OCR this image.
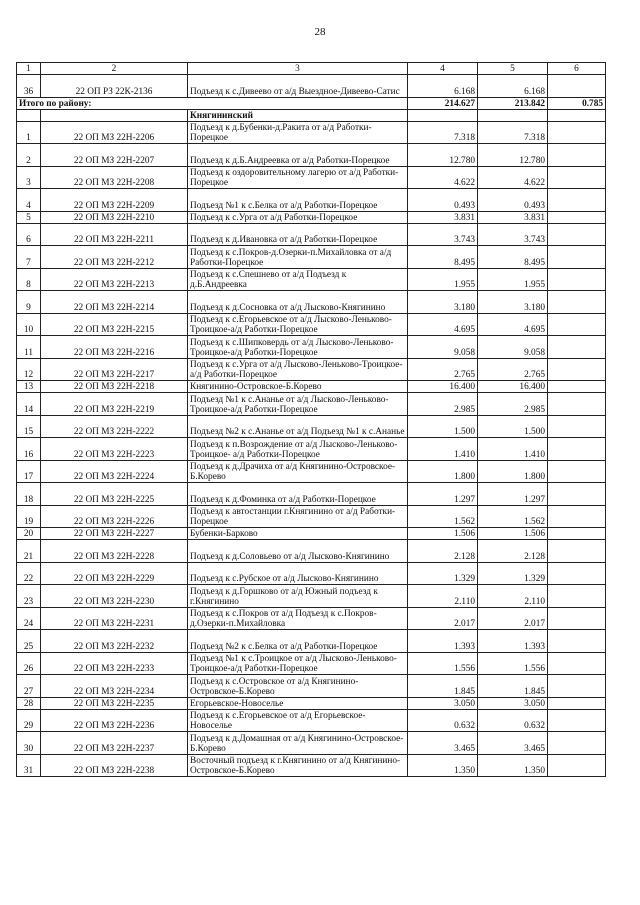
28
1	2	3	4	5	6
36	22 ОП РЗ 22К-2136	Подъезд к с.Дивеево от а/д Выездное-Дивеево-Сатис	6.168	6.168	
Итого по району:			214.627	213.842	0.785
		Княгининский			
1	22 ОП МЗ 22Н-2206	Подъезд к д.Бубенки-д.Ракита от а/д Работки-Порецкое	7.318	7.318	
2	22 ОП МЗ 22Н-2207	Подъезд к д.Б.Андреевка от а/д Работки-Порецкое	12.780	12.780	
3	22 ОП МЗ 22Н-2208	Подъезд к оздоровительному лагерю от а/д Работки-Порецкое	4.622	4.622	
4	22 ОП МЗ 22Н-2209	Подъезд №1 к с.Белка от а/д Работки-Порецкое	0.493	0.493	
5	22 ОП МЗ 22Н-2210	Подъезд к с.Урга от а/д Работки-Порецкое	3.831	3.831	
6	22 ОП МЗ 22Н-2211	Подъезд к д.Ивановка от а/д Работки-Порецкое	3.743	3.743	
7	22 ОП МЗ 22Н-2212	Подъезд к с.Покров-д.Озерки-п.Михайловка от а/д Работки-Порецкое	8.495	8.495	
8	22 ОП МЗ 22Н-2213	Подъезд к с.Спешнево от а/д Подъезд к д.Б.Андреевка	1.955	1.955	
9	22 ОП МЗ 22Н-2214	Подъезд к д.Сосновка от а/д Лысково-Княгинино	3.180	3.180	
10	22 ОП МЗ 22Н-2215	Подъезд к с.Егорьевское от а/д Лысково-Леньково-Троицкое-а/д Работки-Порецкое	4.695	4.695	
11	22 ОП МЗ 22Н-2216	Подъезд к с.Шипковердь от а/д Лысково-Леньково-Троицкое-а/д Работки-Порецкое	9.058	9.058	
12	22 ОП МЗ 22Н-2217	Подъезд к с.Урга от а/д Лысково-Леньково-Троицкое-а/д Работки-Порецкое	2.765	2.765	
13	22 ОП МЗ 22Н-2218	Княгинино-Островское-Б.Корево	16.400	16.400	
14	22 ОП МЗ 22Н-2219	Подъезд №1 к с.Ананье от а/д Лысково-Леньково-Троицкое-а/д Работки-Порецкое	2.985	2.985	
15	22 ОП МЗ 22Н-2222	Подъезд №2 к с.Ананье от а/д Подъезд №1 к с.Ананье	1.500	1.500	
16	22 ОП МЗ 22Н-2223	Подъезд к п.Возрождение от а/д Лысково-Леньково-Троицкое- а/д Работки-Порецкое	1.410	1.410	
17	22 ОП МЗ 22Н-2224	Подъезд к д.Драчиха от а/д Княгинино-Островское-Б.Корево	1.800	1.800	
18	22 ОП МЗ 22Н-2225	Подъезд к д.Фоминка от а/д Работки-Порецкое	1.297	1.297	
19	22 ОП МЗ 22Н-2226	Подъезд к автостанции г.Княгинино от а/д Работки-Порецкое	1.562	1.562	
20	22 ОП МЗ 22Н-2227	Бубенки-Барково	1.506	1.506	
21	22 ОП МЗ 22Н-2228	Подъезд к д.Соловьево от а/д Лысково-Княгинино	2.128	2.128	
22	22 ОП МЗ 22Н-2229	Подъезд к с.Рубское от а/д Лысково-Княгинино	1.329	1.329	
23	22 ОП МЗ 22Н-2230	Подъезд к д.Горшково от а/д Южный подъезд к г.Княгинино	2.110	2.110	
24	22 ОП МЗ 22Н-2231	Подъезд к с.Покров от а/д Подъезд к с.Покров-д.Озерки-п.Михайловка	2.017	2.017	
25	22 ОП МЗ 22Н-2232	Подъезд №2 к с.Белка от а/д Работки-Порецкое	1.393	1.393	
26	22 ОП МЗ 22Н-2233	Подъезд №1 к с.Троицкое от а/д Лысково-Леньково-Троицкое-а/д Работки-Порецкое	1.556	1.556	
27	22 ОП МЗ 22Н-2234	Подъезд к с.Островское от а/д Княгинино-Островское-Б.Корево	1.845	1.845	
28	22 ОП МЗ 22Н-2235	Егорьевское-Новоселье	3.050	3.050	
29	22 ОП МЗ 22Н-2236	Подъезд к с.Егорьевское от а/д Егорьевское-Новоселье	0.632	0.632	
30	22 ОП МЗ 22Н-2237	Подъезд к д.Домашная от а/д Княгинино-Островское-Б.Корево	3.465	3.465	
31	22 ОП МЗ 22Н-2238	Восточный подъезд к г.Княгинино от а/д Княгинино-Островское-Б.Корево	1.350	1.350	
